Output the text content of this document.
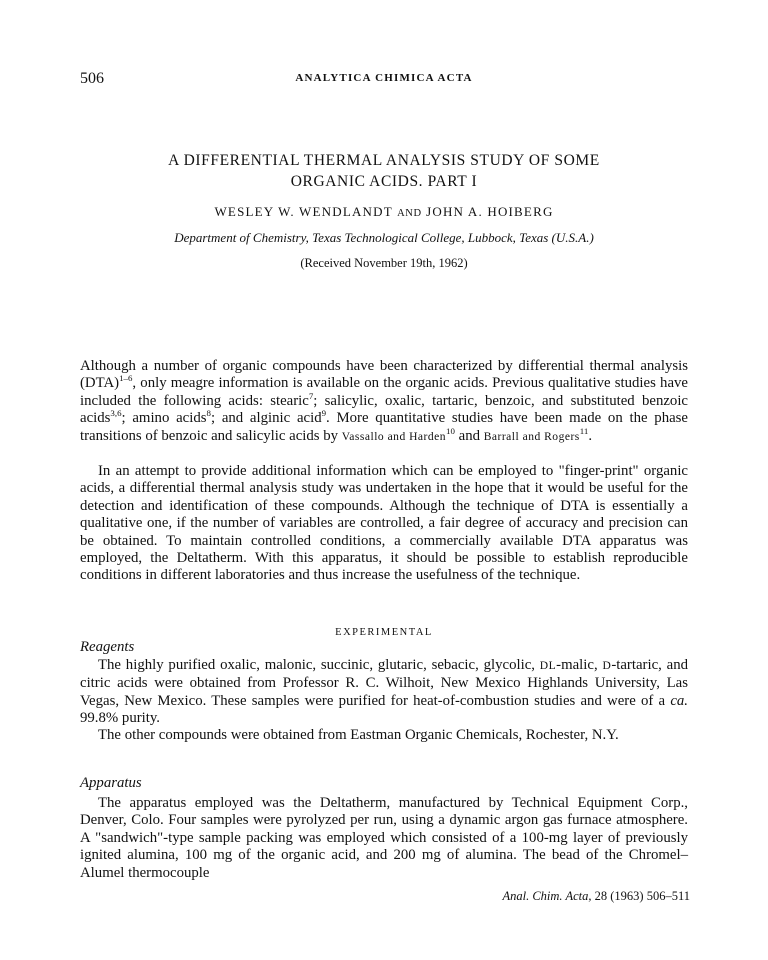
506	ANALYTICA CHIMICA ACTA
A DIFFERENTIAL THERMAL ANALYSIS STUDY OF SOME
ORGANIC ACIDS. PART I
WESLEY W. WENDLANDT AND JOHN A. HOIBERG
Department of Chemistry, Texas Technological College, Lubbock, Texas (U.S.A.)
(Received November 19th, 1962)

Although a number of organic compounds have been characterized by differential thermal analysis (DTA)$^{1-6}$, only meagre information is available on the organic acids. Previous qualitative studies have included the following acids: stearic$^7$; salicylic, oxalic, tartaric, benzoic, and substituted benzoic acids$^{3,6}$; amino acids$^8$; and alginic acid$^9$. More quantitative studies have been made on the phase transitions of benzoic and salicylic acids by Vassallo and Harden$^{10}$ and Barrall and Rogers$^{11}$.

In an attempt to provide additional information which can be employed to "finger-print" organic acids, a differential thermal analysis study was undertaken in the hope that it would be useful for the detection and identification of these compounds. Although the technique of DTA is essentially a qualitative one, if the number of variables are controlled, a fair degree of accuracy and precision can be obtained. To maintain controlled conditions, a commercially available DTA apparatus was employed, the Deltatherm. With this apparatus, it should be possible to establish reproducible conditions in different laboratories and thus increase the usefulness of the technique.

EXPERIMENTAL
Reagents

The highly purified oxalic, malonic, succinic, glutaric, sebacic, glycolic, DL-malic, D-tartaric, and citric acids were obtained from Professor R. C. Wilhoit, New Mexico Highlands University, Las Vegas, New Mexico. These samples were purified for heat-of-combustion studies and were of a ca. 99.8% purity.

The other compounds were obtained from Eastman Organic Chemicals, Rochester, N.Y.

Apparatus

The apparatus employed was the Deltatherm, manufactured by Technical Equipment Corp., Denver, Colo. Four samples were pyrolyzed per run, using a dynamic argon gas furnace atmosphere. A "sandwich"-type sample packing was employed which consisted of a 100-mg layer of previously ignited alumina, 100 mg of the organic acid, and 200 mg of alumina. The bead of the Chromel–Alumel thermocouple

Anal. Chim. Acta, 28 (1963) 506–511
